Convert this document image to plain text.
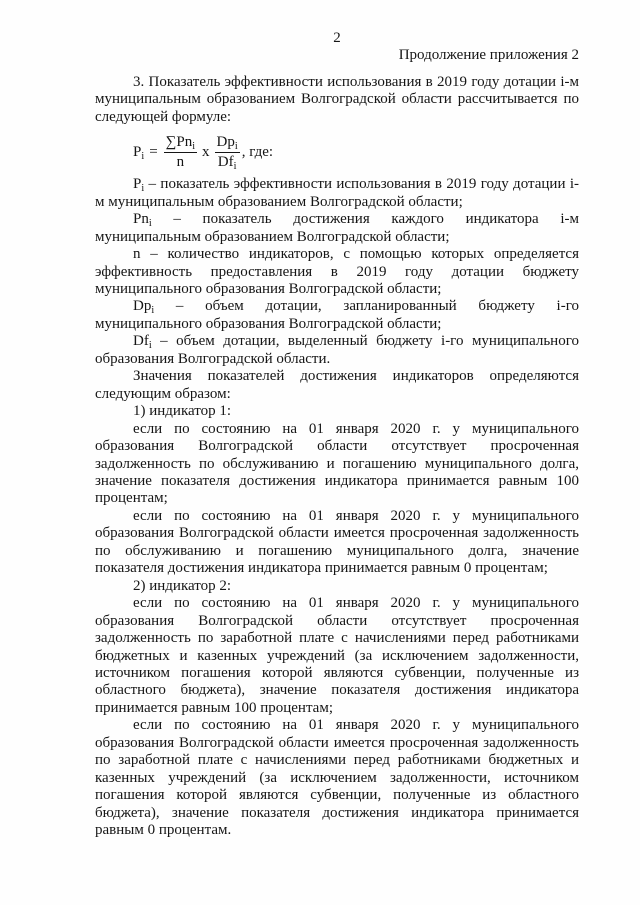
2

Продолжение приложения 2

3. Показатель эффективности использования в 2019 году дотации i-м муниципальным образованием Волгоградской области рассчитывается по следующей формуле:

$P_i = \frac{\sum Pn_i}{n}$ x $\frac{Dp_i}{Df_i}$ , где:

$P_i$ – показатель эффективности использования в 2019 году дотации i-м муниципальным образованием Волгоградской области;

$Pn_i$ – показатель достижения каждого индикатора i-м муниципальным образованием Волгоградской области;

n – количество индикаторов, с помощью которых определяется эффективность предоставления в 2019 году дотации бюджету муниципального образования Волгоградской области;

$Dp_i$ – объем дотации, запланированный бюджету i-го муниципального образования Волгоградской области;

$Df_i$ – объем дотации, выделенный бюджету i-го муниципального образования Волгоградской области.

Значения показателей достижения индикаторов определяются следующим образом:

1) индикатор 1:

если по состоянию на 01 января 2020 г. у муниципального образования Волгоградской области отсутствует просроченная задолженность по обслуживанию и погашению муниципального долга, значение показателя достижения индикатора принимается равным 100 процентам;

если по состоянию на 01 января 2020 г. у муниципального образования Волгоградской области имеется просроченная задолженность по обслуживанию и погашению муниципального долга, значение показателя достижения индикатора принимается равным 0 процентам;

2) индикатор 2:

если по состоянию на 01 января 2020 г. у муниципального образования Волгоградской области отсутствует просроченная задолженность по заработной плате с начислениями перед работниками бюджетных и казенных учреждений (за исключением задолженности, источником погашения которой являются субвенции, полученные из областного бюджета), значение показателя достижения индикатора принимается равным 100 процентам;

если по состоянию на 01 января 2020 г. у муниципального образования Волгоградской области имеется просроченная задолженность по заработной плате с начислениями перед работниками бюджетных и казенных учреждений (за исключением задолженности, источником погашения которой являются субвенции, полученные из областного бюджета), значение показателя достижения индикатора принимается равным 0 процентам.
